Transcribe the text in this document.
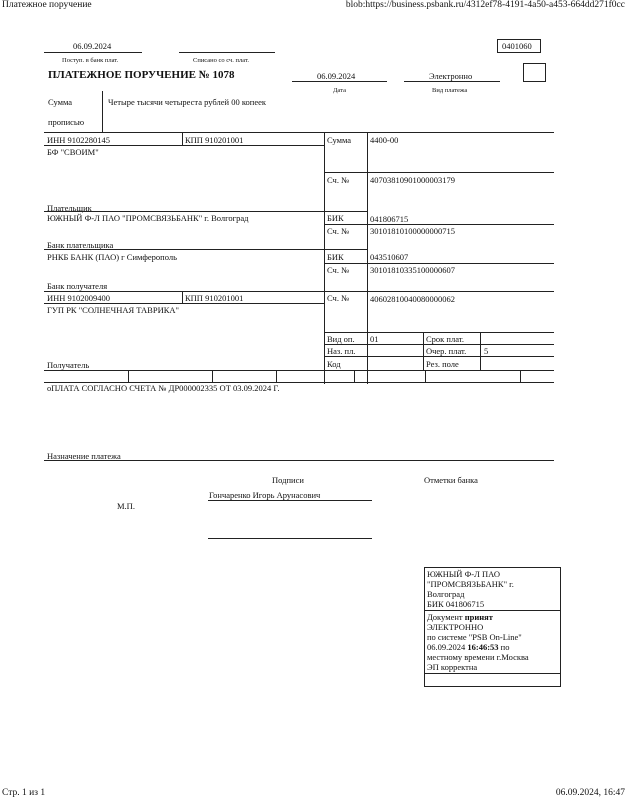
Платежное поручение	blob:https://business.psbank.ru/4312ef78-4191-4a50-a453-664dd271f0cc
06.09.2024
Поступ. в банк плат.	Списано со сч. плат.
0401060
ПЛАТЕЖНОЕ ПОРУЧЕНИЕ № 1078	06.09.2024
Дата
Электронно
Вид платежа
Сумма
прописью
Четыре тысячи четыреста рублей 00 копеек
ИНН 9102280145	КПП 910201001
БФ "СВОИМ"
Сумма 4400-00
Сч. № 40703810901000003179
Плательщик
ЮЖНЫЙ Ф-Л ПАО "ПРОМСВЯЗЬБАНК" г. Волгоград	БИК	041806715
Сч. № 30101810100000000715
Банк плательщика
РНКБ БАНК (ПАО) г Симферополь	БИК	043510607
Сч. № 30101810335100000607
Банк получателя
ИНН 9102009400	КПП 910201001
ГУП РК "СОЛНЕЧНАЯ ТАВРИКА"
Сч. № 40602810040080000062
Вид оп. 01	Срок плат.
Наз. пл.	Очер. плат. 5
Код	Рез. поле
Получатель
оПЛАТА СОГЛАСНО СЧЕТА № ДР000002335 ОТ 03.09.2024 Г.
Назначение платежа
Подписи	Отметки банка
Гончаренко Игорь Арунасович
М.П.
ЮЖНЫЙ Ф-Л ПАО
"ПРОМСВЯЗЬБАНК" г.
Волгоград
БИК 041806715
Документ принят
ЭЛЕКТРОННО
по системе "PSB On-Line"
06.09.2024 16:46:53 по
местному времени г.Москва
ЭП корректна
Стр. 1 из 1	06.09.2024, 16:47
